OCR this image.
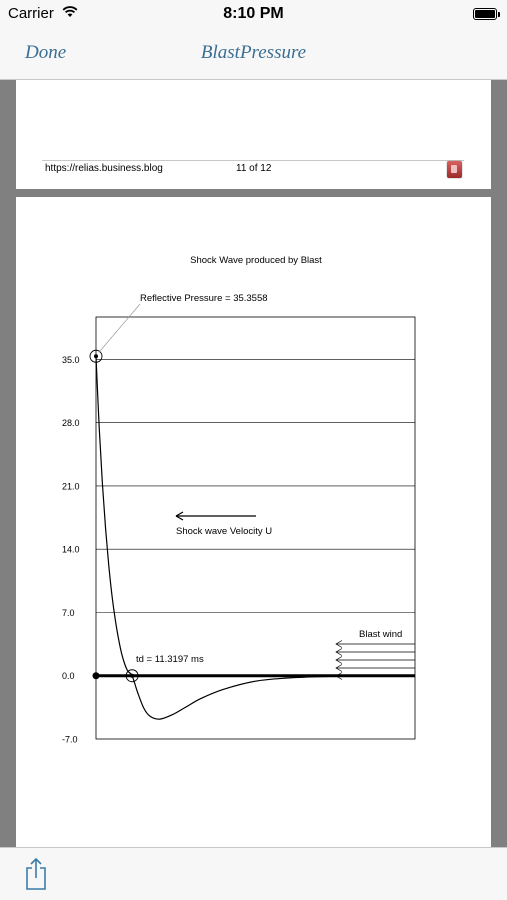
Carrier	8:10 PM
Done	BlastPressure
https://relias.business.blog	11 of 12
Shock Wave produced by Blast
35.0
28.0
21.0
14.0
7.0
0.0
-7.0
Reflective Pressure = 35.3558
td = 11.3197 ms
Shock wave Velocity U
Blast wind
